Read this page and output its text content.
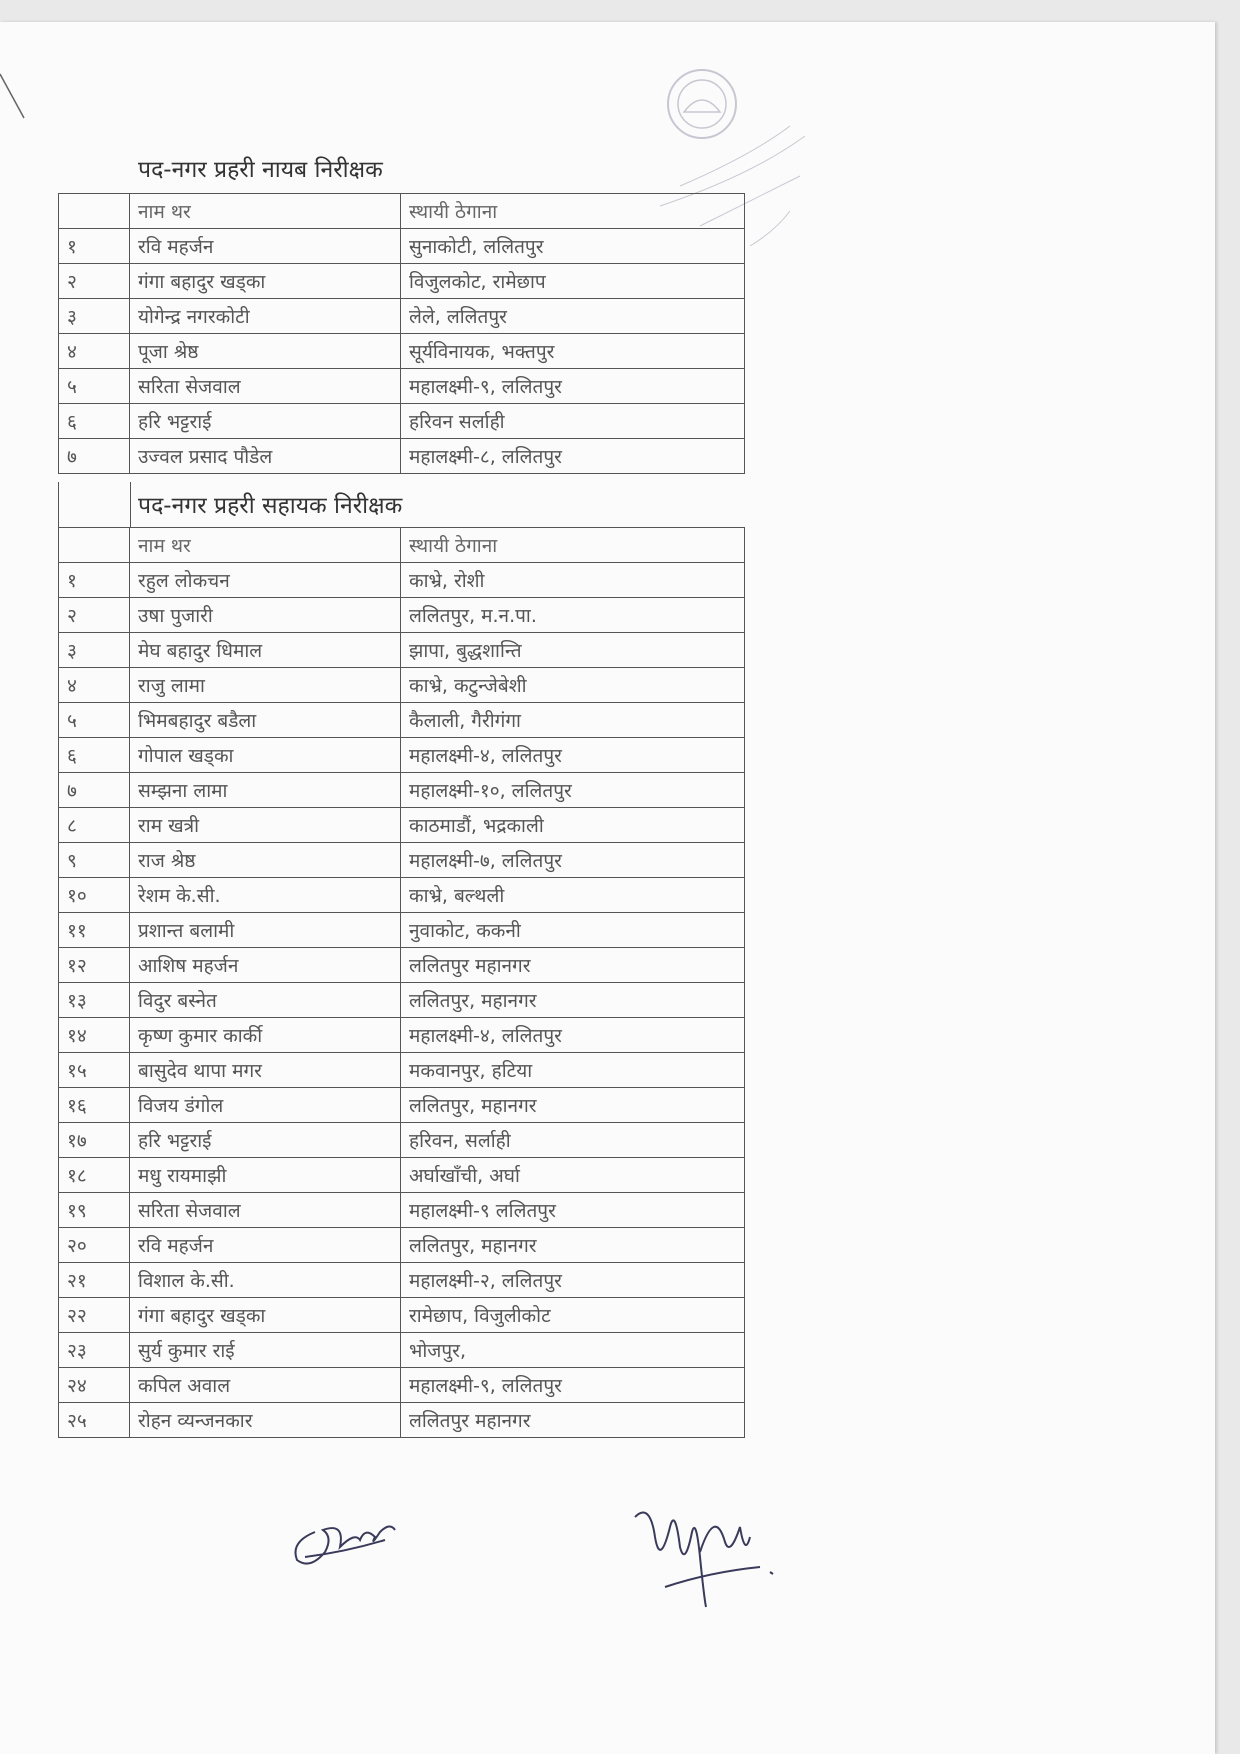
पद-नगर प्रहरी नायब निरीक्षक
	नाम थर	स्थायी ठेगाना
१	रवि महर्जन	सुनाकोटी, ललितपुर
२	गंगा बहादुर खड्का	विजुलकोट, रामेछाप
३	योगेन्द्र नगरकोटी	लेले, ललितपुर
४	पूजा श्रेष्ठ	सूर्यविनायक, भक्तपुर
५	सरिता सेजवाल	महालक्ष्मी-९, ललितपुर
६	हरि भट्टराई	हरिवन सर्लाही
७	उज्वल प्रसाद पौडेल	महालक्ष्मी-८, ललितपुर
पद-नगर प्रहरी सहायक निरीक्षक
	नाम थर	स्थायी ठेगाना
१	रहुल लोकचन	काभ्रे, रोशी
२	उषा पुजारी	ललितपुर, म.न.पा.
३	मेघ बहादुर धिमाल	झापा, बुद्धशान्ति
४	राजु लामा	काभ्रे, कटुन्जेबेशी
५	भिमबहादुर बडैला	कैलाली, गैरीगंगा
६	गोपाल खड्का	महालक्ष्मी-४, ललितपुर
७	सम्झना लामा	महालक्ष्मी-१०, ललितपुर
८	राम खत्री	काठमाडौं, भद्रकाली
९	राज श्रेष्ठ	महालक्ष्मी-७, ललितपुर
१०	रेशम के.सी.	काभ्रे, बल्थली
११	प्रशान्त बलामी	नुवाकोट, ककनी
१२	आशिष महर्जन	ललितपुर महानगर
१३	विदुर बस्नेत	ललितपुर, महानगर
१४	कृष्ण कुमार कार्की	महालक्ष्मी-४, ललितपुर
१५	बासुदेव थापा मगर	मकवानपुर, हटिया
१६	विजय डंगोल	ललितपुर, महानगर
१७	हरि भट्टराई	हरिवन, सर्लाही
१८	मधु रायमाझी	अर्घाखाँची, अर्घा
१९	सरिता सेजवाल	महालक्ष्मी-९ ललितपुर
२०	रवि महर्जन	ललितपुर, महानगर
२१	विशाल के.सी.	महालक्ष्मी-२, ललितपुर
२२	गंगा बहादुर खड्का	रामेछाप, विजुलीकोट
२३	सुर्य कुमार राई	भोजपुर,
२४	कपिल अवाल	महालक्ष्मी-९, ललितपुर
२५	रोहन व्यन्जनकार	ललितपुर महानगर
